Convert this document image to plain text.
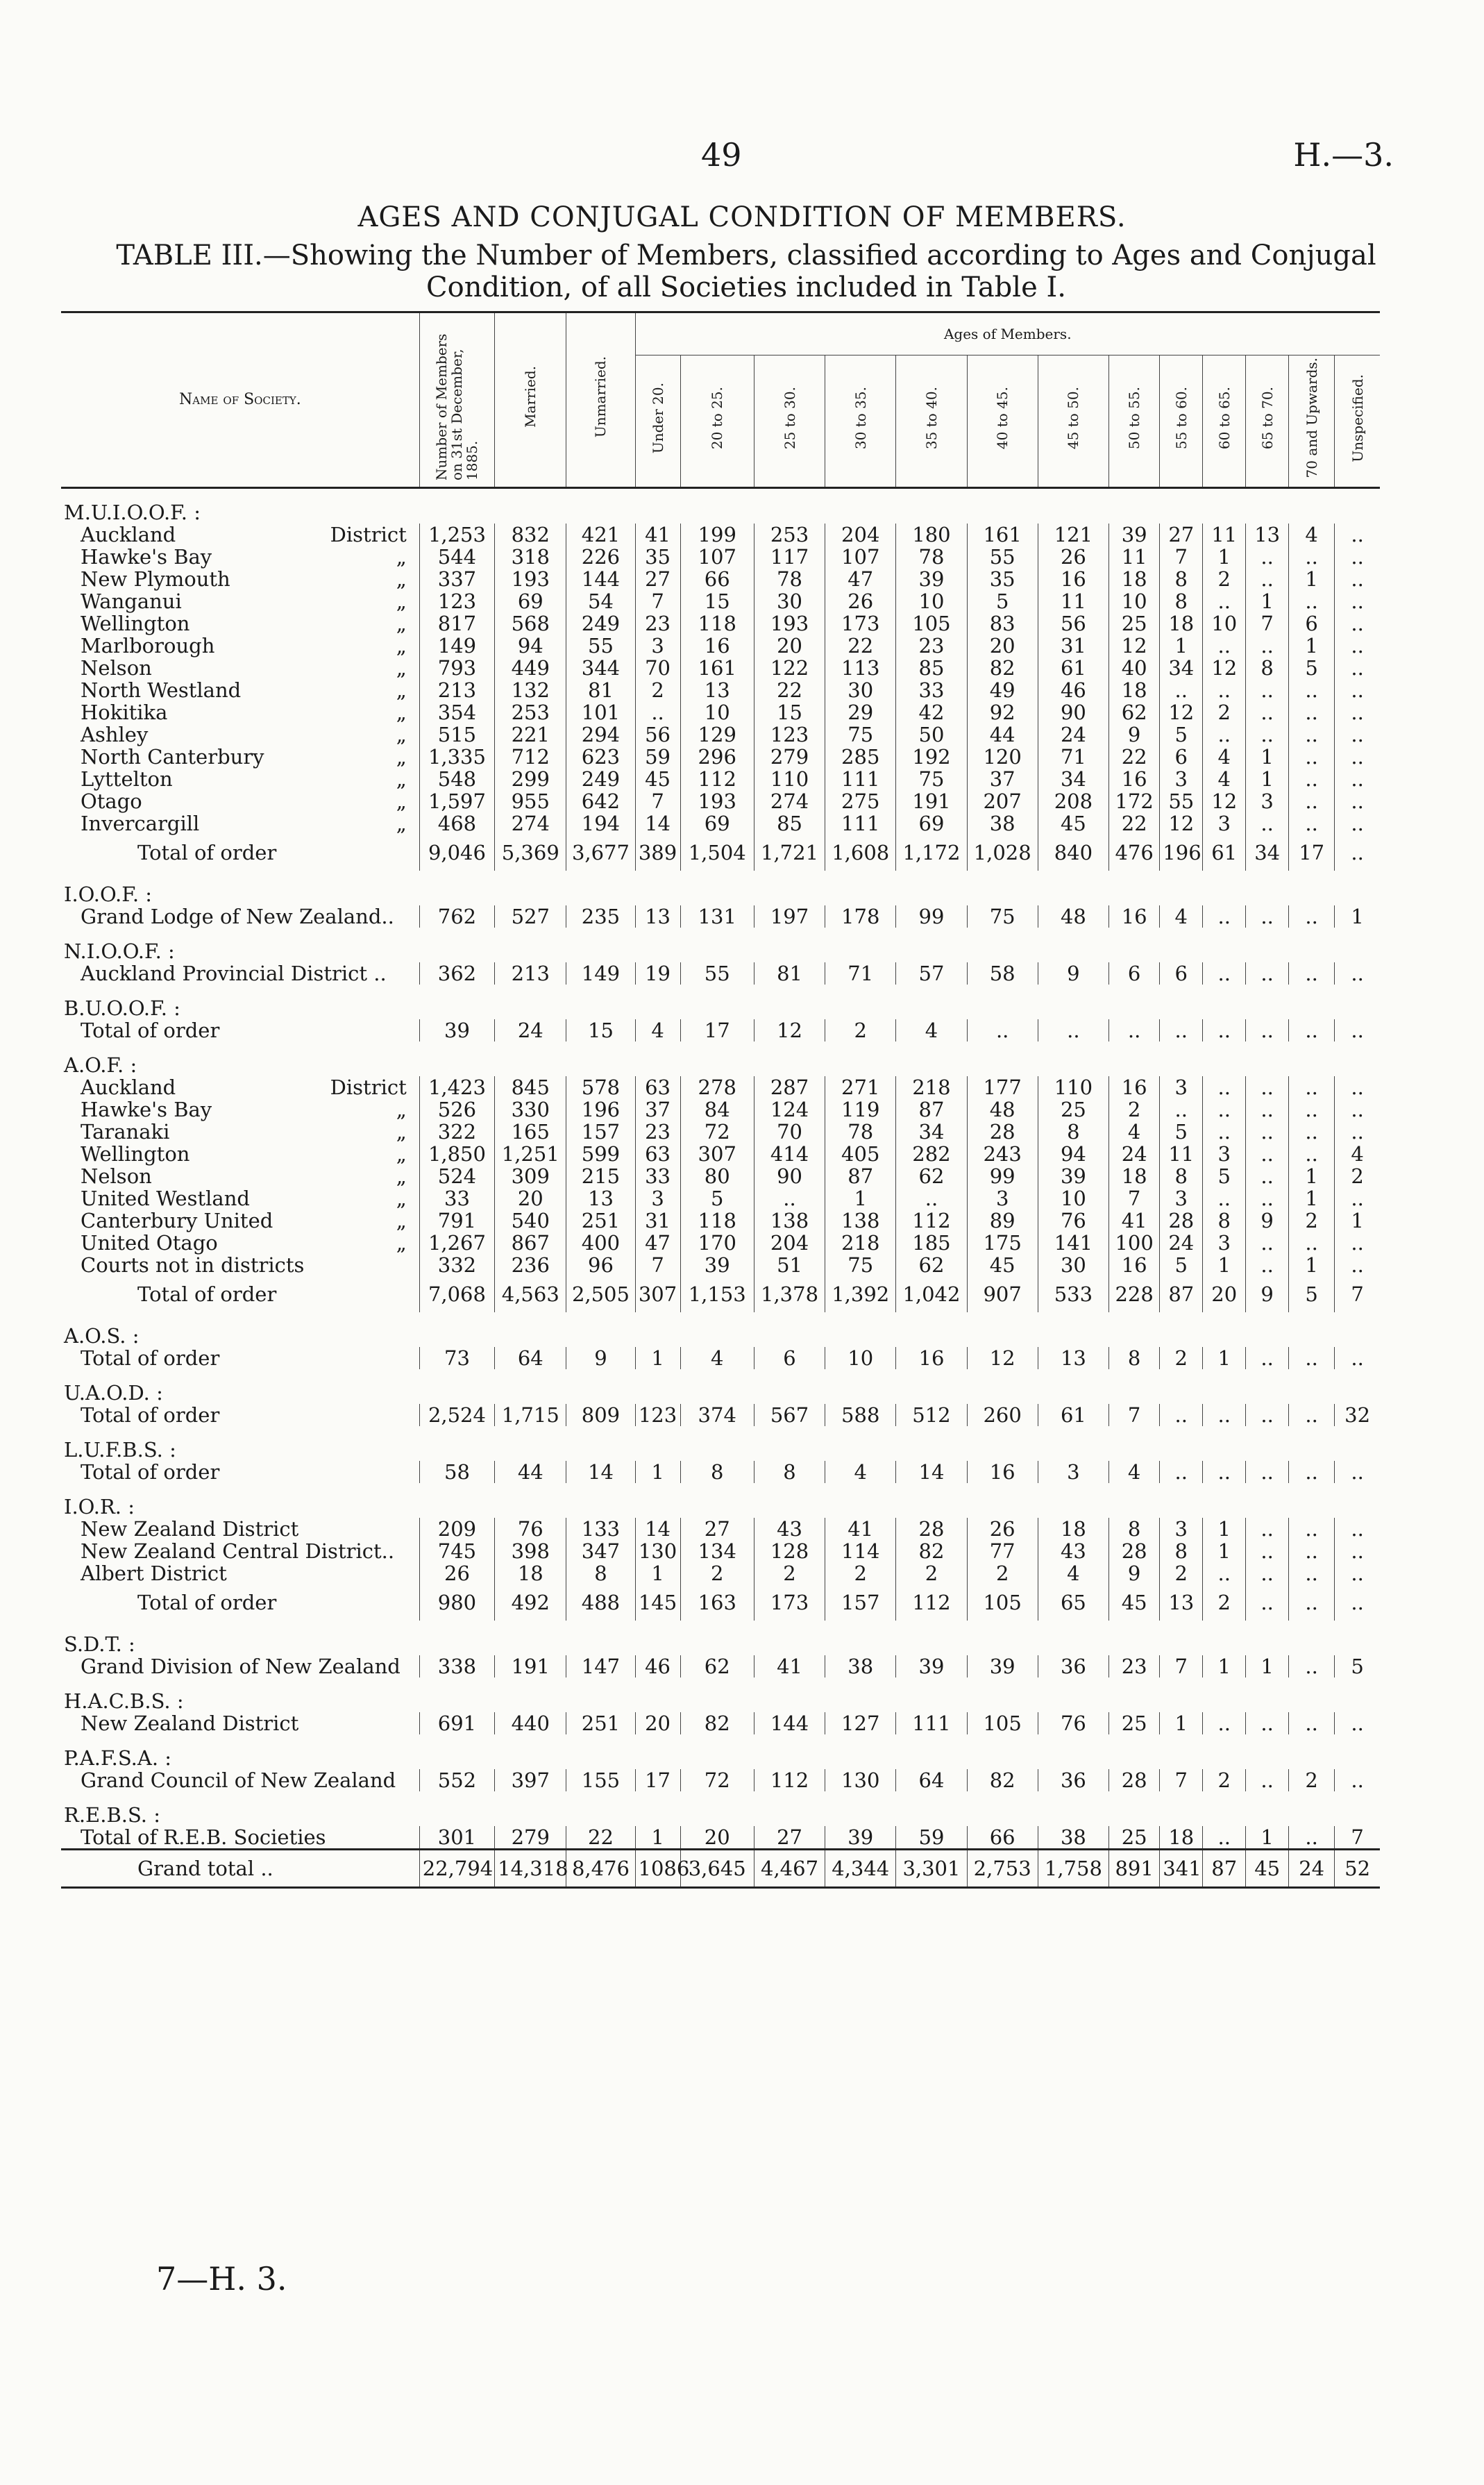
49	H.—3.
AGES AND CONJUGAL CONDITION OF MEMBERS.
TABLE III.—Showing the Number of Members, classified according to Ages and Conjugal Condition, of all Societies included in Table I.
Name of Society.	Number of Members on 31st December, 1885.	Married.	Unmarried.	Ages of Members.												
				Under 20.	20 to 25.	25 to 30.	30 to 35.	35 to 40.	40 to 45.	45 to 50.	50 to 55.	55 to 60.	60 to 65.	65 to 70.	70 and Upwards.	Unspecified.
M.U.I.O.O.F. :																
Auckland District	1,253	832	421	41	199	253	204	180	161	121	39	27	11	13	4	..
Hawke's Bay „	544	318	226	35	107	117	107	78	55	26	11	7	1	..	..	..
New Plymouth „	337	193	144	27	66	78	47	39	35	16	18	8	2	..	1	..
Wanganui „	123	69	54	7	15	30	26	10	5	11	10	8	..	1	..	..
Wellington „	817	568	249	23	118	193	173	105	83	56	25	18	10	7	6	..
Marlborough „	149	94	55	3	16	20	22	23	20	31	12	1	..	..	1	..
Nelson „	793	449	344	70	161	122	113	85	82	61	40	34	12	8	5	..
North Westland „	213	132	81	2	13	22	30	33	49	46	18	..	..	..	..	..
Hokitika „	354	253	101	..	10	15	29	42	92	90	62	12	2	..	..	..
Ashley „	515	221	294	56	129	123	75	50	44	24	9	5	..	..	..	..
North Canterbury „	1,335	712	623	59	296	279	285	192	120	71	22	6	4	1	..	..
Lyttelton „	548	299	249	45	112	110	111	75	37	34	16	3	4	1	..	..
Otago „	1,597	955	642	7	193	274	275	191	207	208	172	55	12	3	..	..
Invercargill „	468	274	194	14	69	85	111	69	38	45	22	12	3	..	..	..
Total of order	9,046	5,369	3,677	389	1,504	1,721	1,608	1,172	1,028	840	476	196	61	34	17	..
I.O.O.F. :																
Grand Lodge of New Zealand..	762	527	235	13	131	197	178	99	75	48	16	4	..	..	..	1
N.I.O.O.F. :																
Auckland Provincial District ..	362	213	149	19	55	81	71	57	58	9	6	6	..	..	..	..
B.U.O.O.F. :																
Total of order	39	24	15	4	17	12	2	4	..	..	..	..	..	..	..	..
A.O.F. :																
Auckland District	1,423	845	578	63	278	287	271	218	177	110	16	3	..	..	..	..
Hawke's Bay „	526	330	196	37	84	124	119	87	48	25	2	..	..	..	..	..
Taranaki „	322	165	157	23	72	70	78	34	28	8	4	5	..	..	..	..
Wellington „	1,850	1,251	599	63	307	414	405	282	243	94	24	11	3	..	..	4
Nelson „	524	309	215	33	80	90	87	62	99	39	18	8	5	..	1	2
United Westland „	33	20	13	3	5	..	1	..	3	10	7	3	..	..	1	..
Canterbury United „	791	540	251	31	118	138	138	112	89	76	41	28	8	9	2	1
United Otago „	1,267	867	400	47	170	204	218	185	175	141	100	24	3	..	..	..
Courts not in districts	332	236	96	7	39	51	75	62	45	30	16	5	1	..	1	..
Total of order	7,068	4,563	2,505	307	1,153	1,378	1,392	1,042	907	533	228	87	20	9	5	7
A.O.S. :																
Total of order	73	64	9	1	4	6	10	16	12	13	8	2	1	..	..	..
U.A.O.D. :																
Total of order	2,524	1,715	809	123	374	567	588	512	260	61	7	..	..	..	..	32
L.U.F.B.S. :																
Total of order	58	44	14	1	8	8	4	14	16	3	4	..	..	..	..	..
I.O.R. :																
New Zealand District	209	76	133	14	27	43	41	28	26	18	8	3	1	..	..	..
New Zealand Central District..	745	398	347	130	134	128	114	82	77	43	28	8	1	..	..	..
Albert District	26	18	8	1	2	2	2	2	2	4	9	2	..	..	..	..
Total of order	980	492	488	145	163	173	157	112	105	65	45	13	2	..	..	..
S.D.T. :																
Grand Division of New Zealand	338	191	147	46	62	41	38	39	39	36	23	7	1	1	..	5
H.A.C.B.S. :																
New Zealand District	691	440	251	20	82	144	127	111	105	76	25	1	..	..	..	..
P.A.F.S.A. :																
Grand Council of New Zealand	552	397	155	17	72	112	130	64	82	36	28	7	2	..	2	..
R.E.B.S. :																
Total of R.E.B. Societies	301	279	22	1	20	27	39	59	66	38	25	18	..	1	..	7
Grand total ..	22,794	14,318	8,476	1086	3,645	4,467	4,344	3,301	2,753	1,758	891	341	87	45	24	52
7—H. 3.
